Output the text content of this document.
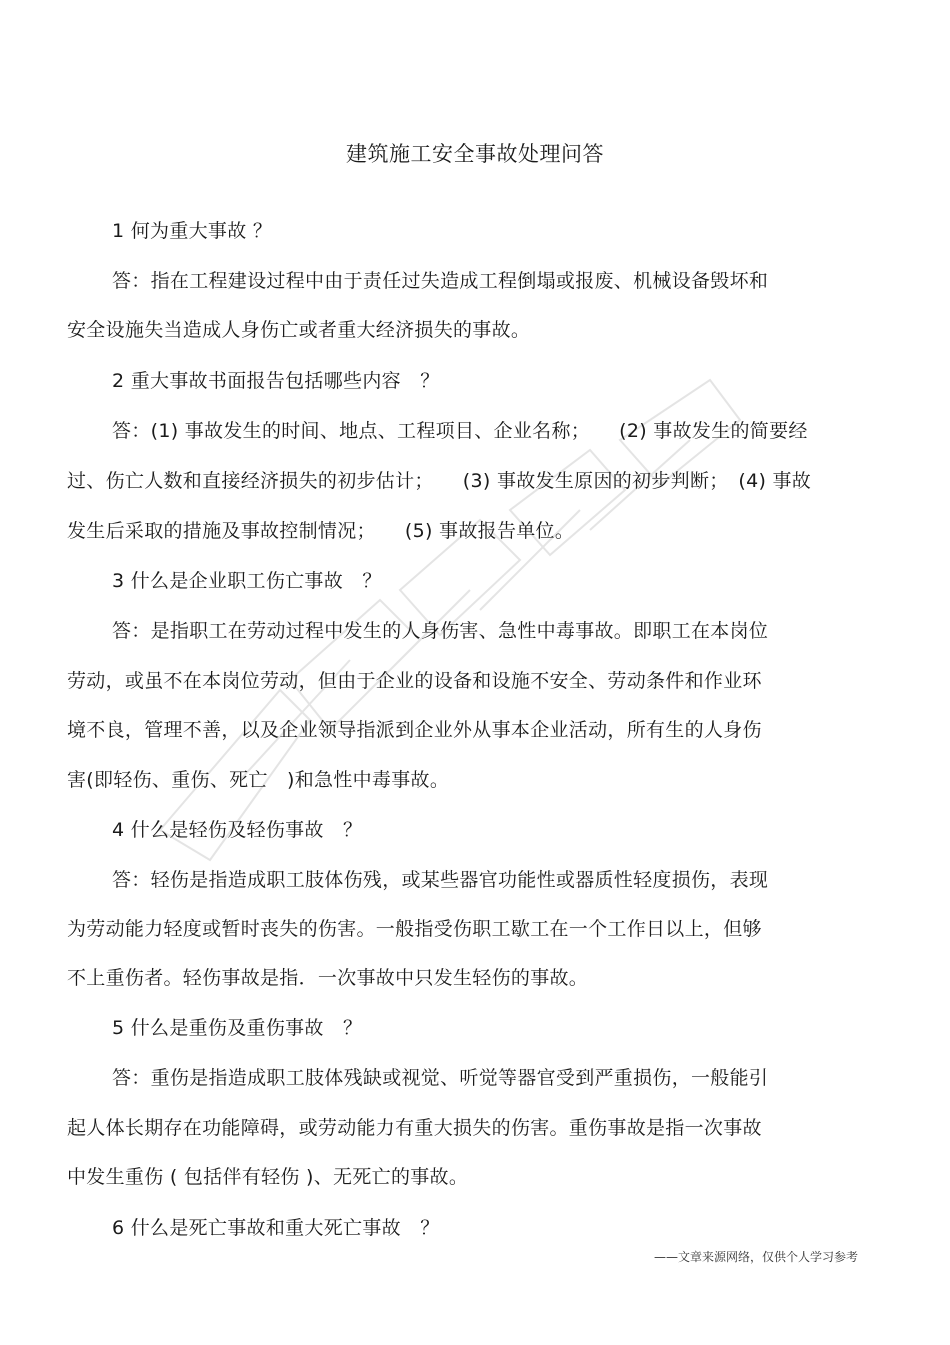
建筑施工安全事故处理问答
1 何为重大事故 ？
答：指在工程建设过程中由于责任过失造成工程倒塌或报废、机械设备毁坏和
安全设施失当造成人身伤亡或者重大经济损失的事故。
2 重大事故书面报告包括哪些内容　？
答：(1) 事故发生的时间、地点、工程项目、企业名称；　　(2) 事故发生的简要经
过、伤亡人数和直接经济损失的初步估计；　　(3) 事故发生原因的初步判断；　(4) 事故
发生后采取的措施及事故控制情况；　　(5) 事故报告单位。
3 什么是企业职工伤亡事故　？
答：是指职工在劳动过程中发生的人身伤害、急性中毒事故。即职工在本岗位
劳动，或虽不在本岗位劳动，但由于企业的设备和设施不安全、劳动条件和作业环
境不良，管理不善，以及企业领导指派到企业外从事本企业活动，所有生的人身伤
害(即轻伤、重伤、死亡　)和急性中毒事故。
4 什么是轻伤及轻伤事故　？
答：轻伤是指造成职工肢体伤残，或某些器官功能性或器质性轻度损伤，表现
为劳动能力轻度或暂时丧失的伤害。一般指受伤职工歇工在一个工作日以上，但够
不上重伤者。轻伤事故是指．一次事故中只发生轻伤的事故。
5 什么是重伤及重伤事故　？
答：重伤是指造成职工肢体残缺或视觉、听觉等器官受到严重损伤，一般能引
起人体长期存在功能障碍，或劳动能力有重大损失的伤害。重伤事故是指一次事故
中发生重伤 ( 包括伴有轻伤 )、无死亡的事故。
6 什么是死亡事故和重大死亡事故　？
——文章来源网络，仅供个人学习参考
